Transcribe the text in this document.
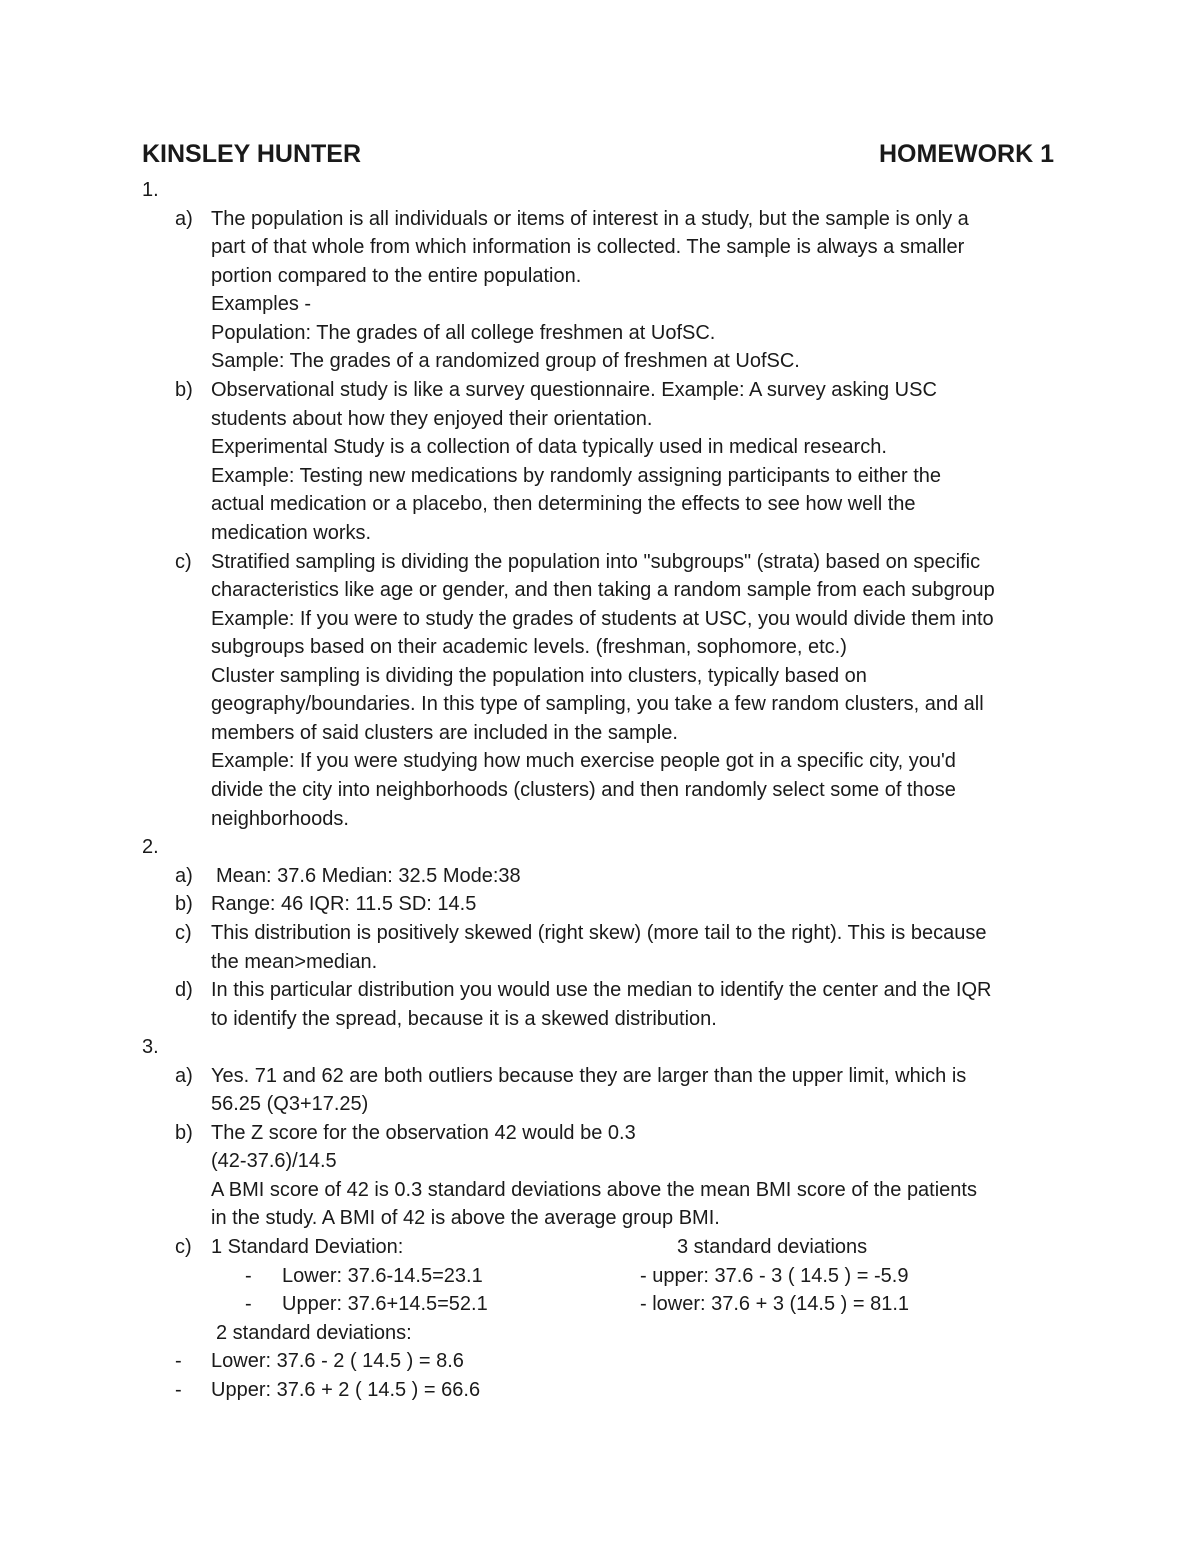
KINSLEY HUNTER	HOMEWORK 1
1.
a) The population is all individuals or items of interest in a study, but the sample is only a
part of that whole from which information is collected. The sample is always a smaller
portion compared to the entire population.
Examples -
Population: The grades of all college freshmen at UofSC.
Sample: The grades of a randomized group of freshmen at UofSC.
b) Observational study is like a survey questionnaire. Example: A survey asking USC
students about how they enjoyed their orientation.
Experimental Study is a collection of data typically used in medical research.
Example: Testing new medications by randomly assigning participants to either the
actual medication or a placebo, then determining the effects to see how well the
medication works.
c) Stratified sampling is dividing the population into "subgroups" (strata) based on specific
characteristics like age or gender, and then taking a random sample from each subgroup
Example: If you were to study the grades of students at USC, you would divide them into
subgroups based on their academic levels. (freshman, sophomore, etc.)
Cluster sampling is dividing the population into clusters, typically based on
geography/boundaries. In this type of sampling, you take a few random clusters, and all
members of said clusters are included in the sample.
Example: If you were studying how much exercise people got in a specific city, you'd
divide the city into neighborhoods (clusters) and then randomly select some of those
neighborhoods.
2.
a) Mean: 37.6 Median: 32.5 Mode:38
b) Range: 46 IQR: 11.5 SD: 14.5
c) This distribution is positively skewed (right skew) (more tail to the right). This is because
the mean>median.
d) In this particular distribution you would use the median to identify the center and the IQR
to identify the spread, because it is a skewed distribution.
3.
a) Yes. 71 and 62 are both outliers because they are larger than the upper limit, which is
56.25 (Q3+17.25)
b) The Z score for the observation 42 would be 0.3
(42-37.6)/14.5
A BMI score of 42 is 0.3 standard deviations above the mean BMI score of the patients
in the study. A BMI of 42 is above the average group BMI.
c) 1 Standard Deviation:	3 standard deviations
- Lower: 37.6-14.5=23.1	- upper: 37.6 - 3 ( 14.5 ) = -5.9
- Upper: 37.6+14.5=52.1	- lower: 37.6 + 3 (14.5 ) = 81.1
2 standard deviations:
- Lower: 37.6 - 2 ( 14.5 ) = 8.6
- Upper: 37.6 + 2 ( 14.5 ) = 66.6
